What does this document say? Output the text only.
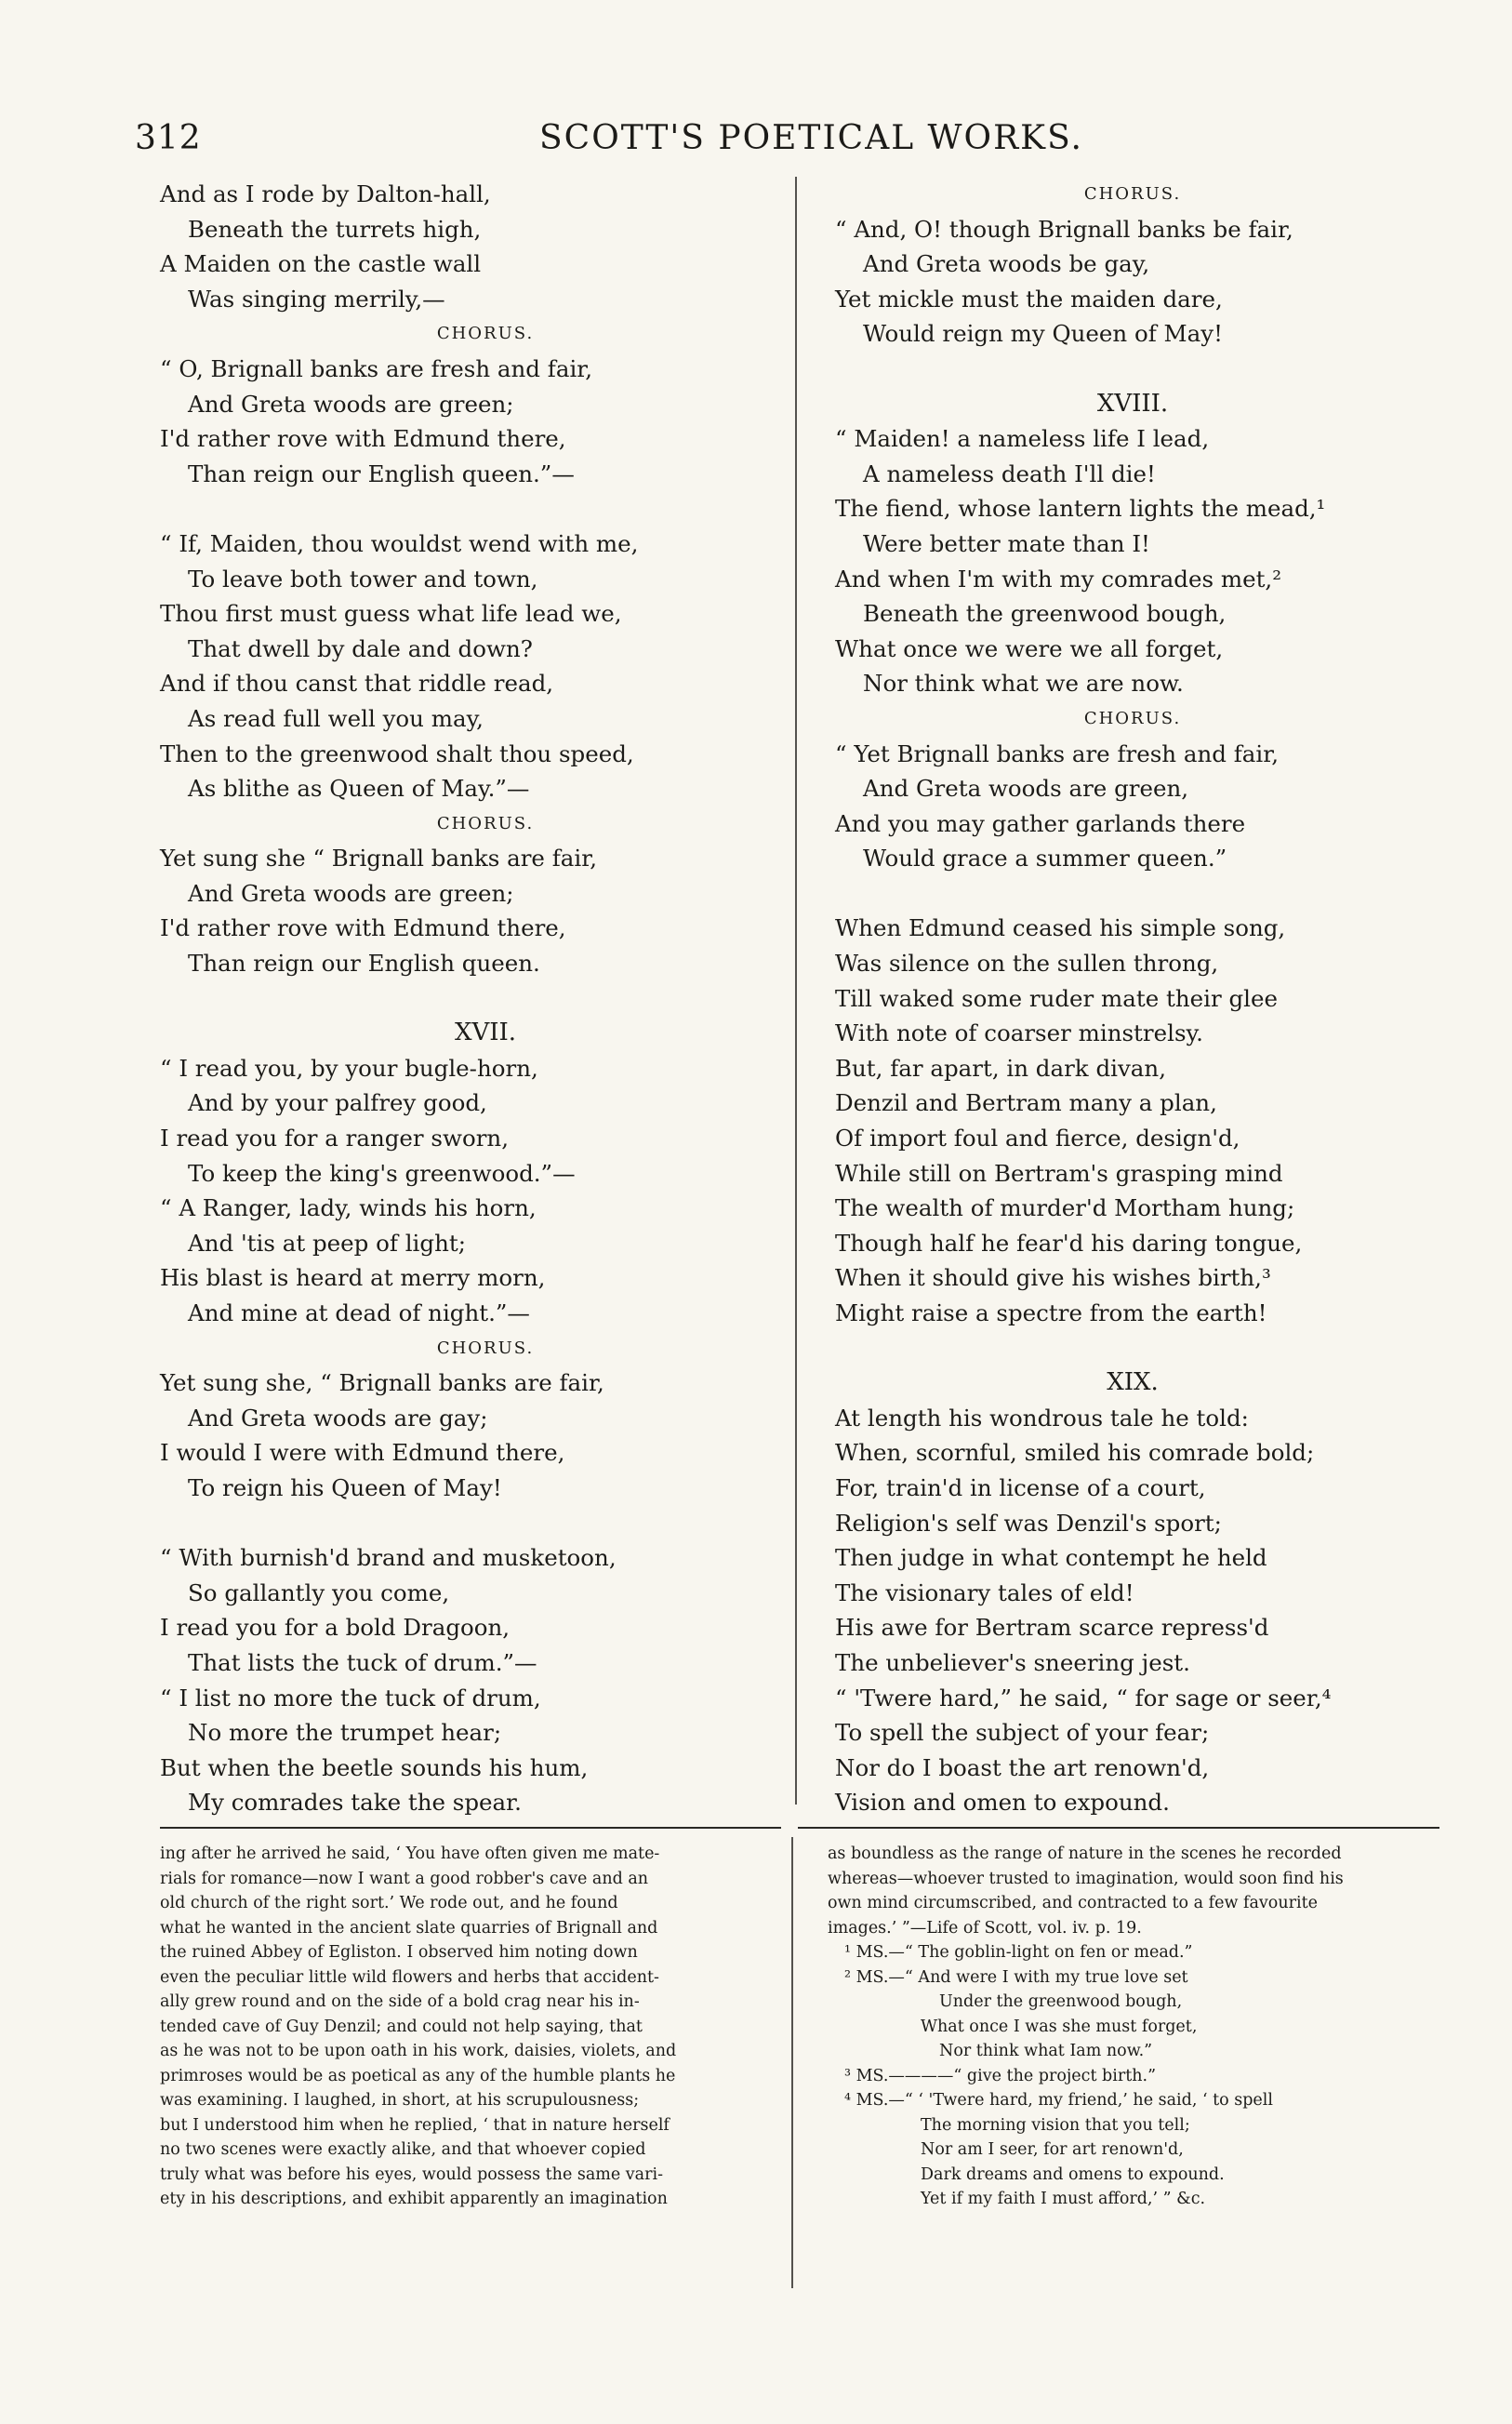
312	SCOTT'S POETICAL WORKS.
And as I rode by Dalton-hall,
Beneath the turrets high,
A Maiden on the castle wall
Was singing merrily,—
CHORUS.
“ O, Brignall banks are fresh and fair,
And Greta woods are green;
I'd rather rove with Edmund there,
Than reign our English queen.”—
“ If, Maiden, thou wouldst wend with me,
To leave both tower and town,
Thou first must guess what life lead we,
That dwell by dale and down?
And if thou canst that riddle read,
As read full well you may,
Then to the greenwood shalt thou speed,
As blithe as Queen of May.”—
CHORUS.
Yet sung she “ Brignall banks are fair,
And Greta woods are green;
I'd rather rove with Edmund there,
Than reign our English queen.
XVII.
“ I read you, by your bugle-horn,
And by your palfrey good,
I read you for a ranger sworn,
To keep the king's greenwood.”—
“ A Ranger, lady, winds his horn,
And 'tis at peep of light;
His blast is heard at merry morn,
And mine at dead of night.”—
CHORUS.
Yet sung she, “ Brignall banks are fair,
And Greta woods are gay;
I would I were with Edmund there,
To reign his Queen of May!
“ With burnish'd brand and musketoon,
So gallantly you come,
I read you for a bold Dragoon,
That lists the tuck of drum.”—
“ I list no more the tuck of drum,
No more the trumpet hear;
But when the beetle sounds his hum,
My comrades take the spear.
CHORUS.
“ And, O! though Brignall banks be fair,
And Greta woods be gay,
Yet mickle must the maiden dare,
Would reign my Queen of May!
XVIII.
“ Maiden! a nameless life I lead,
A nameless death I'll die!
The fiend, whose lantern lights the mead,¹
Were better mate than I!
And when I'm with my comrades met,²
Beneath the greenwood bough,
What once we were we all forget,
Nor think what we are now.
CHORUS.
“ Yet Brignall banks are fresh and fair,
And Greta woods are green,
And you may gather garlands there
Would grace a summer queen.”
When Edmund ceased his simple song,
Was silence on the sullen throng,
Till waked some ruder mate their glee
With note of coarser minstrelsy.
But, far apart, in dark divan,
Denzil and Bertram many a plan,
Of import foul and fierce, design'd,
While still on Bertram's grasping mind
The wealth of murder'd Mortham hung;
Though half he fear'd his daring tongue,
When it should give his wishes birth,³
Might raise a spectre from the earth!
XIX.
At length his wondrous tale he told:
When, scornful, smiled his comrade bold;
For, train'd in license of a court,
Religion's self was Denzil's sport;
Then judge in what contempt he held
The visionary tales of eld!
His awe for Bertram scarce repress'd
The unbeliever's sneering jest.
“ 'Twere hard,” he said, “ for sage or seer,⁴
To spell the subject of your fear;
Nor do I boast the art renown'd,
Vision and omen to expound.
ing after he arrived he said, ‘ You have often given me mate-
rials for romance—now I want a good robber's cave and an
old church of the right sort.’ We rode out, and he found
what he wanted in the ancient slate quarries of Brignall and
the ruined Abbey of Egliston. I observed him noting down
even the peculiar little wild flowers and herbs that accident-
ally grew round and on the side of a bold crag near his in-
tended cave of Guy Denzil; and could not help saying, that
as he was not to be upon oath in his work, daisies, violets, and
primroses would be as poetical as any of the humble plants he
was examining. I laughed, in short, at his scrupulousness;
but I understood him when he replied, ‘ that in nature herself
no two scenes were exactly alike, and that whoever copied
truly what was before his eyes, would possess the same vari-
ety in his descriptions, and exhibit apparently an imagination
as boundless as the range of nature in the scenes he recorded
whereas—whoever trusted to imagination, would soon find his
own mind circumscribed, and contracted to a few favourite
images.’ ”—Life of Scott, vol. iv. p. 19.
¹ MS.—“ The goblin-light on fen or mead.”
² MS.—“ And were I with my true love set
Under the greenwood bough,
What once I was she must forget,
Nor think what Iam now.”
³ MS.————“ give the project birth.”
⁴ MS.—“ ‘ 'Twere hard, my friend,’ he said, ‘ to spell
The morning vision that you tell;
Nor am I seer, for art renown'd,
Dark dreams and omens to expound.
Yet if my faith I must afford,’ ” &c.
